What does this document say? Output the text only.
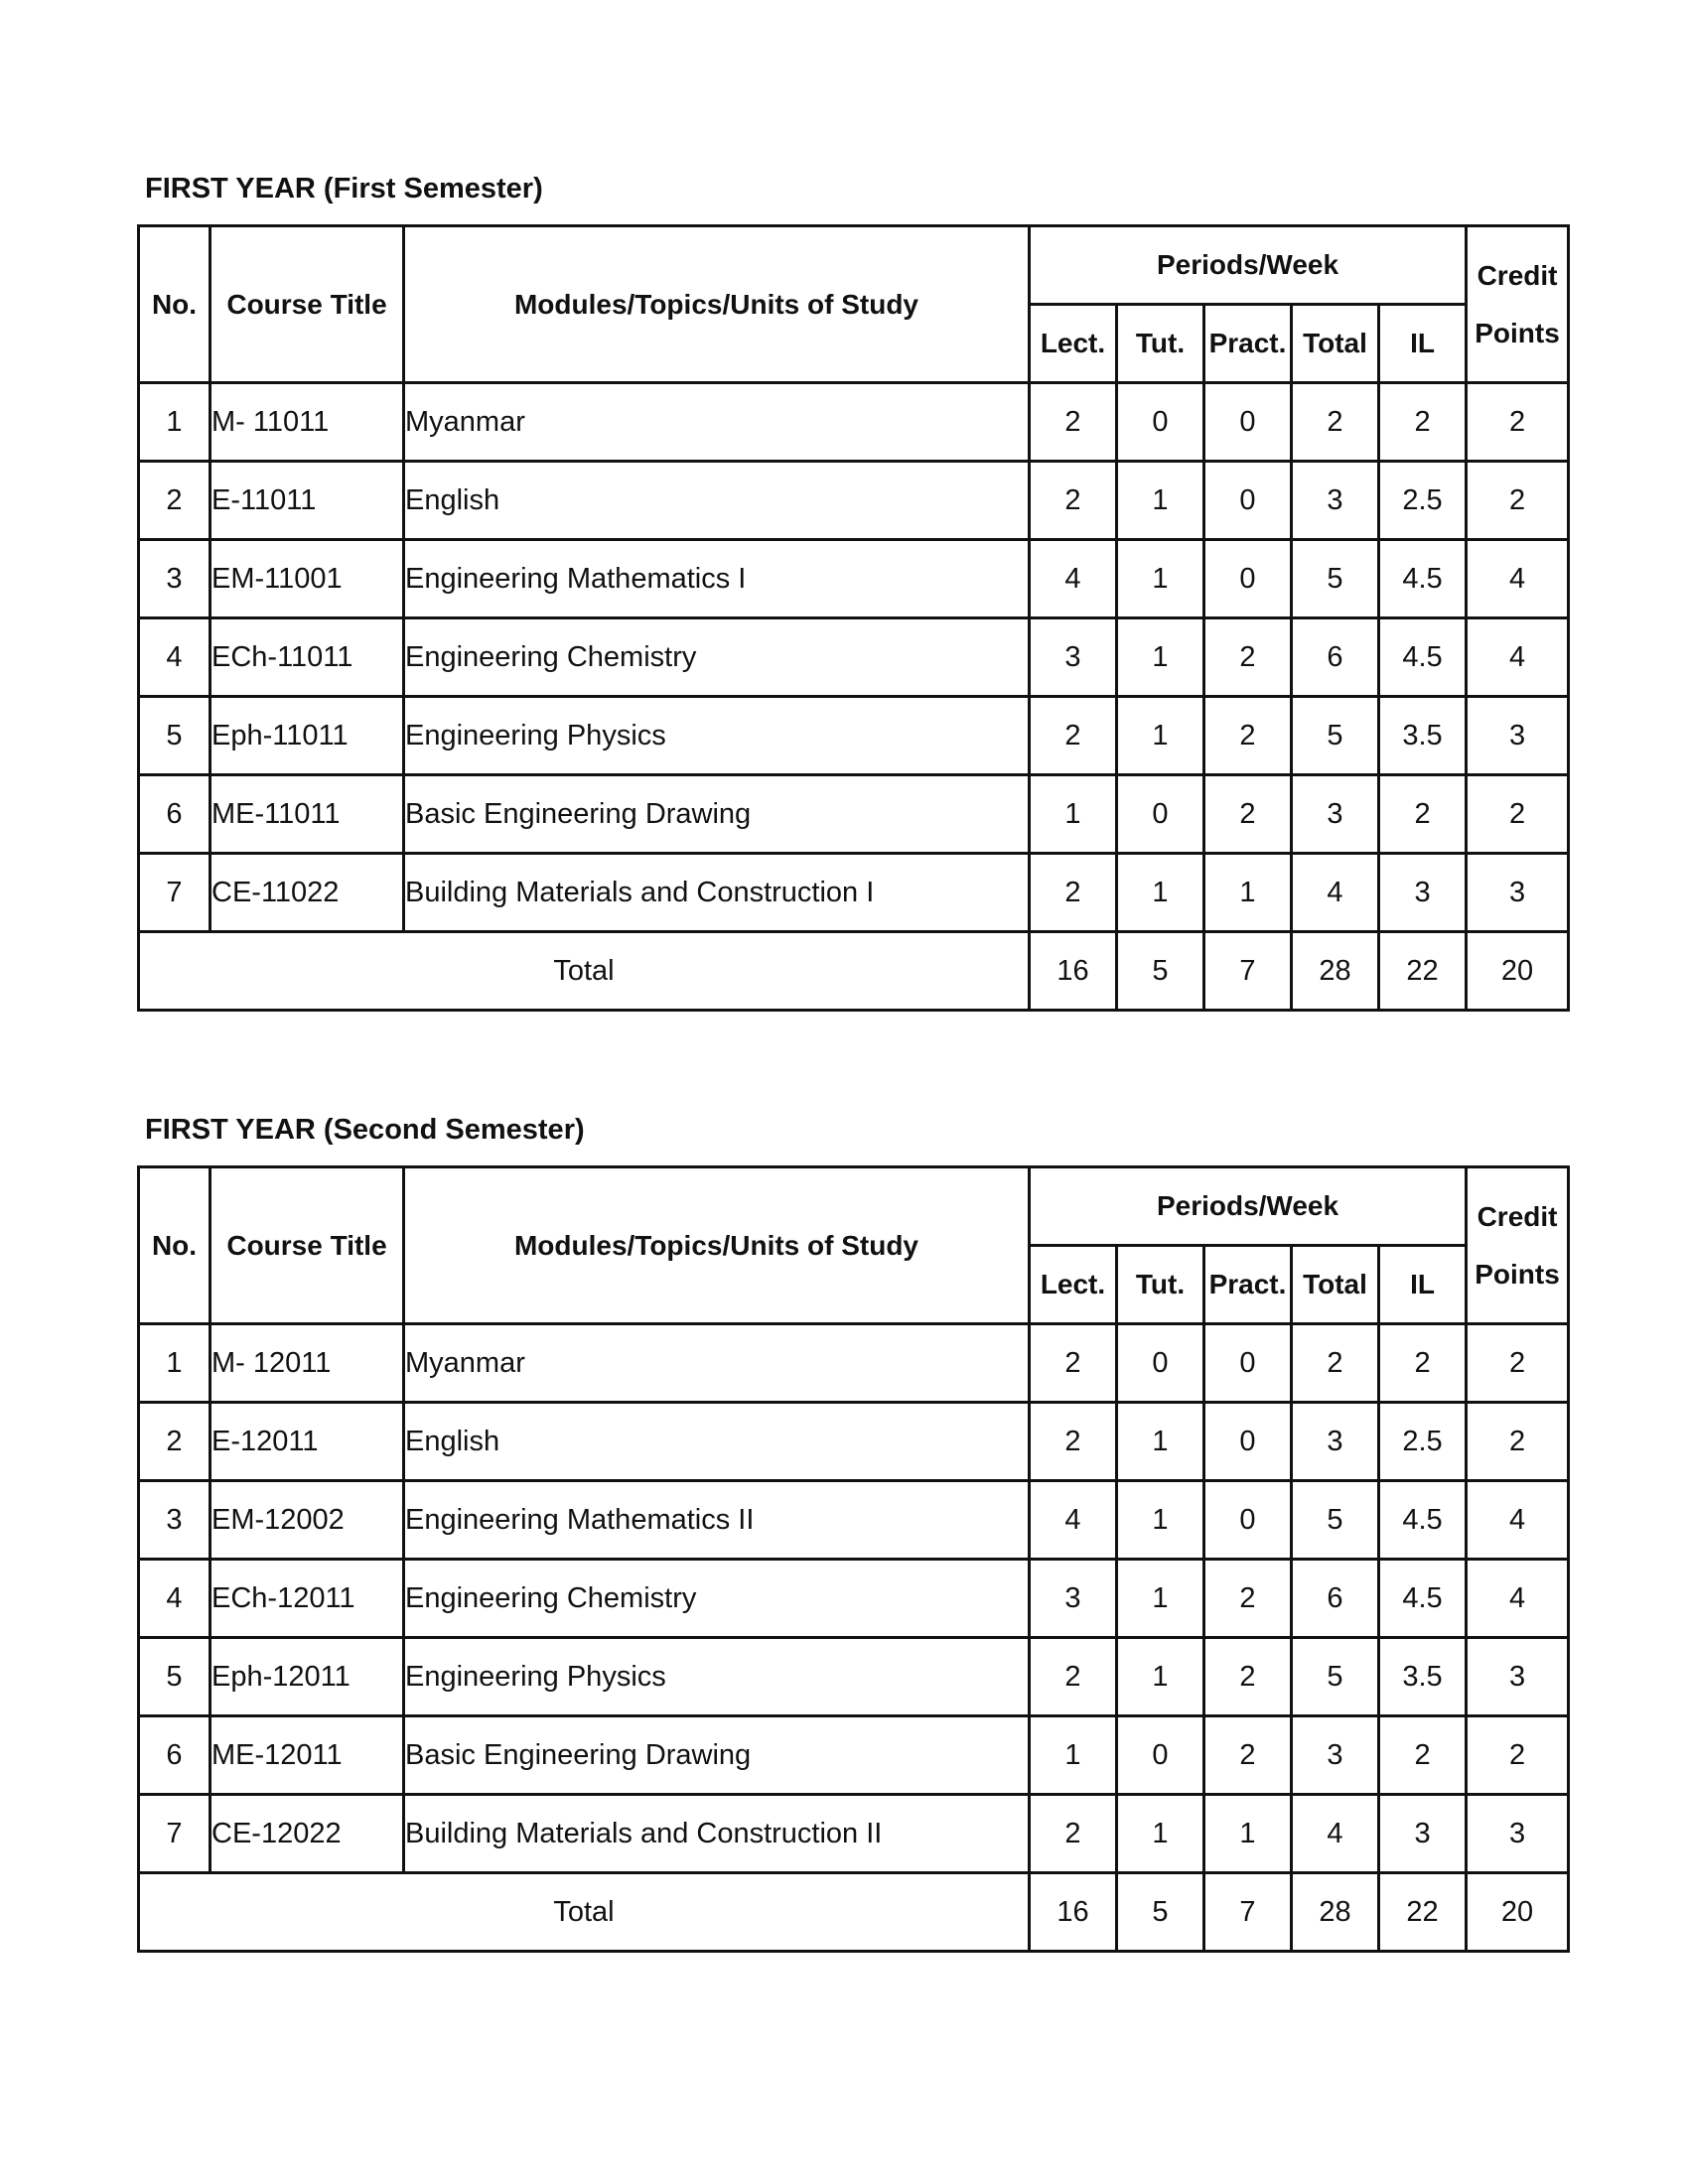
FIRST YEAR (First Semester)
No.	Course Title	Modules/Topics/Units of Study	Periods/Week					Credit
Points

			Lect.	Tut.	Pract.	Total	IL	
1	M- 11011	Myanmar	2	0	0	2	2	2
2	E-11011	English	2	1	0	3	2.5	2
3	EM-11001	Engineering Mathematics I	4	1	0	5	4.5	4
4	ECh-11011	Engineering Chemistry	3	1	2	6	4.5	4
5	Eph-11011	Engineering Physics	2	1	2	5	3.5	3
6	ME-11011	Basic Engineering Drawing	1	0	2	3	2	2
7	CE-11022	Building Materials and Construction I	2	1	1	4	3	3
Total			16	5	7	28	22	20
FIRST YEAR (Second Semester)
No.	Course Title	Modules/Topics/Units of Study	Periods/Week					Credit
Points

			Lect.	Tut.	Pract.	Total	IL	
1	M- 12011	Myanmar	2	0	0	2	2	2
2	E-12011	English	2	1	0	3	2.5	2
3	EM-12002	Engineering Mathematics II	4	1	0	5	4.5	4
4	ECh-12011	Engineering Chemistry	3	1	2	6	4.5	4
5	Eph-12011	Engineering Physics	2	1	2	5	3.5	3
6	ME-12011	Basic Engineering Drawing	1	0	2	3	2	2
7	CE-12022	Building Materials and Construction II	2	1	1	4	3	3
Total			16	5	7	28	22	20
